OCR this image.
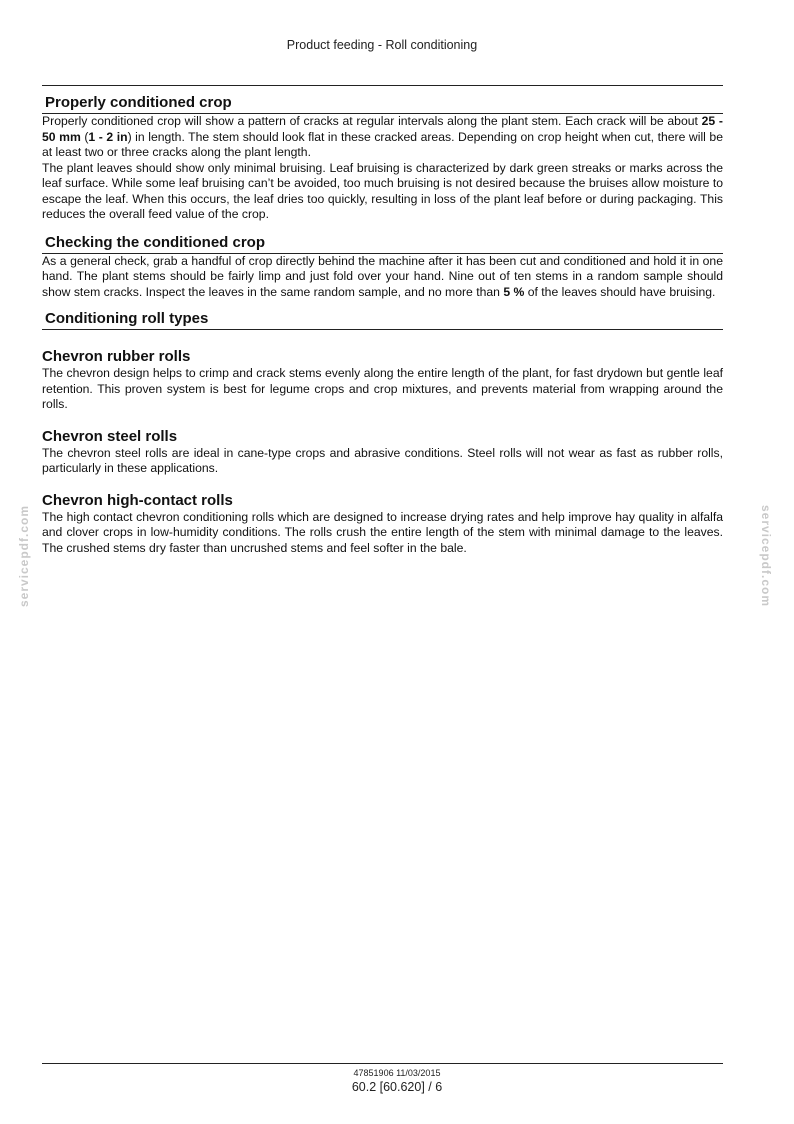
Product feeding - Roll conditioning
servicepdf.com	servicepdf.com
Properly conditioned crop

Properly conditioned crop will show a pattern of cracks at regular intervals along the plant stem. Each crack will be about 25 - 50 mm (1 - 2 in) in length. The stem should look flat in these cracked areas. Depending on crop height when cut, there will be at least two or three cracks along the plant length.

The plant leaves should show only minimal bruising. Leaf bruising is characterized by dark green streaks or marks across the leaf surface. While some leaf bruising can’t be avoided, too much bruising is not desired because the bruises allow moisture to escape the leaf. When this occurs, the leaf dries too quickly, resulting in loss of the plant leaf before or during packaging. This reduces the overall feed value of the crop.

Checking the conditioned crop

As a general check, grab a handful of crop directly behind the machine after it has been cut and conditioned and hold it in one hand. The plant stems should be fairly limp and just fold over your hand. Nine out of ten stems in a random sample should show stem cracks. Inspect the leaves in the same random sample, and no more than 5 % of the leaves should have bruising.

Conditioning roll types
Chevron rubber rolls

The chevron design helps to crimp and crack stems evenly along the entire length of the plant, for fast drydown but gentle leaf retention. This proven system is best for legume crops and crop mixtures, and prevents material from wrapping around the rolls.

Chevron steel rolls

The chevron steel rolls are ideal in cane-type crops and abrasive conditions. Steel rolls will not wear as fast as rubber rolls, particularly in these applications.

Chevron high-contact rolls

The high contact chevron conditioning rolls which are designed to increase drying rates and help improve hay quality in alfalfa and clover crops in low-humidity conditions. The rolls crush the entire length of the stem with minimal damage to the leaves. The crushed stems dry faster than uncrushed stems and feel softer in the bale.

47851906 11/03/2015
60.2 [60.620] / 6
